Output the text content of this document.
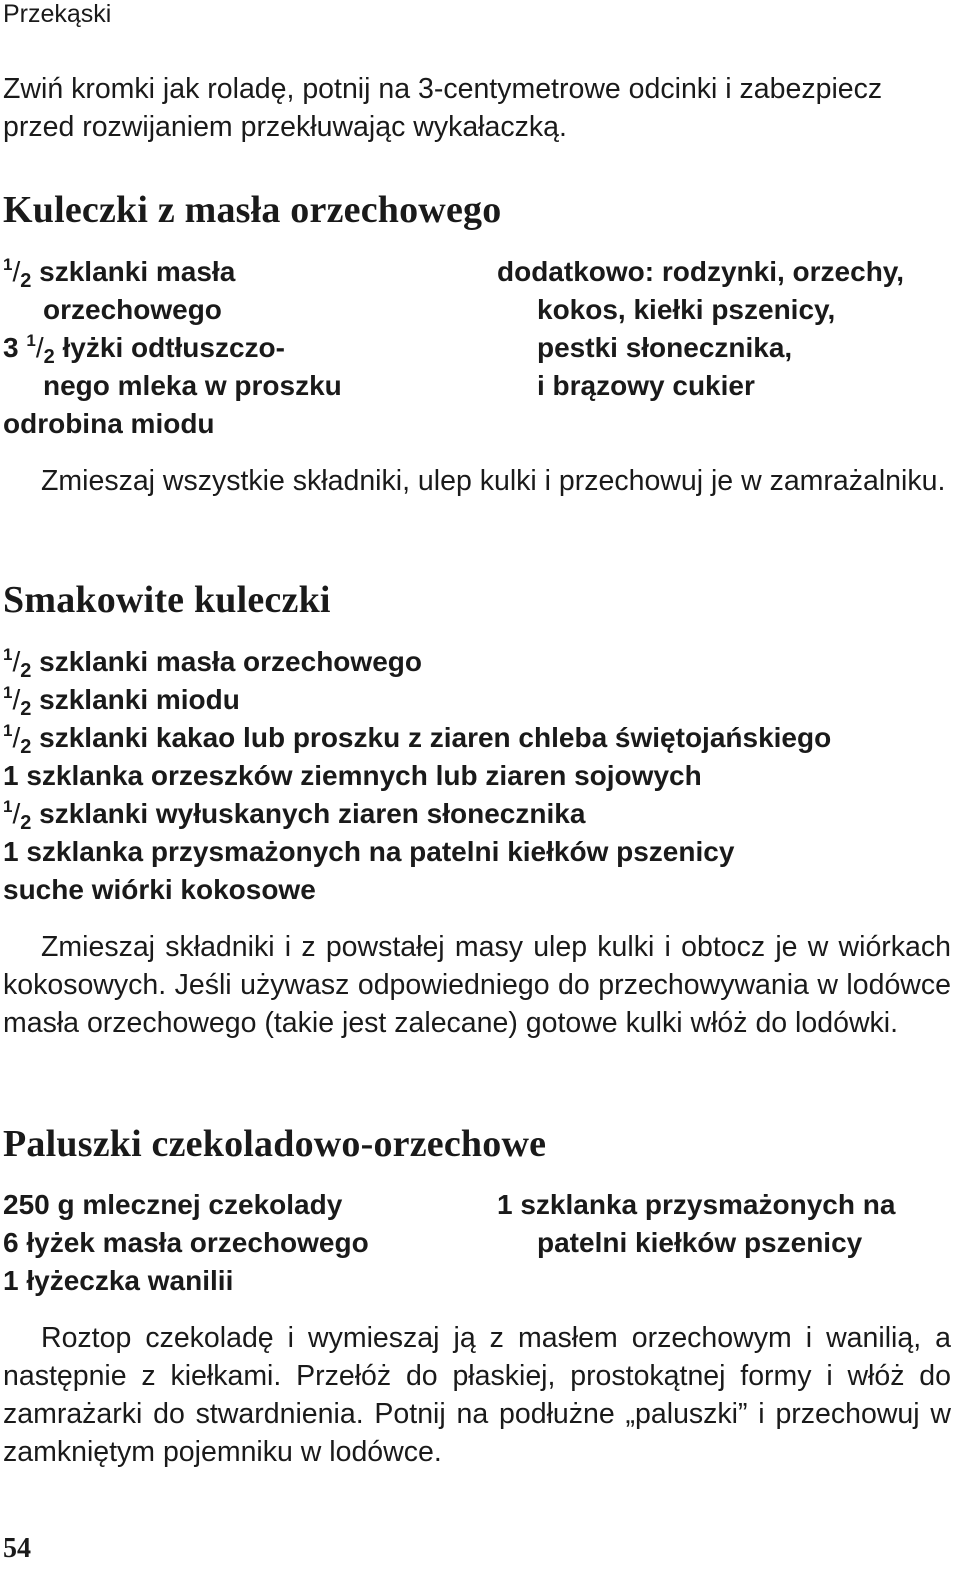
Przekąski
Zwiń kromki jak roladę, potnij na 3-centymetrowe odcinki i zabezpiecz
przed rozwijaniem przekłuwając wykałaczką.
Kuleczki z masła orzechowego
$^1/_2$ szklanki masła
orzechowego
3 $^1/_2$ łyżki odtłuszczo-
nego mleka w proszku
odrobina miodu
dodatkowo: rodzynki, orzechy,
kokos, kiełki pszenicy,
pestki słonecznika,
i brązowy cukier
Zmieszaj wszystkie składniki, ulep kulki i przechowuj je w zamrażalniku.
Smakowite kuleczki
$^1/_2$ szklanki masła orzechowego
$^1/_2$ szklanki miodu
$^1/_2$ szklanki kakao lub proszku z ziaren chleba świętojańskiego
1 szklanka orzeszków ziemnych lub ziaren sojowych
$^1/_2$ szklanki wyłuskanych ziaren słonecznika
1 szklanka przysmażonych na patelni kiełków pszenicy
suche wiórki kokosowe
Zmieszaj składniki i z powstałej masy ulep kulki i obtocz je w wiórkach kokosowych. Jeśli używasz odpowiedniego do przechowywania w lodówce masła orzechowego (takie jest zalecane) gotowe kulki włóż do lodówki.
Paluszki czekoladowo-orzechowe
250 g mlecznej czekolady
6 łyżek masła orzechowego
1 łyżeczka wanilii
1 szklanka przysmażonych na
patelni kiełków pszenicy
Roztop czekoladę i wymieszaj ją z masłem orzechowym i wanilią, a następnie z kiełkami. Przełóż do płaskiej, prostokątnej formy i włóż do zamrażarki do stwardnienia. Potnij na podłużne „paluszki” i przechowuj w zamkniętym pojemniku w lodówce.
54
